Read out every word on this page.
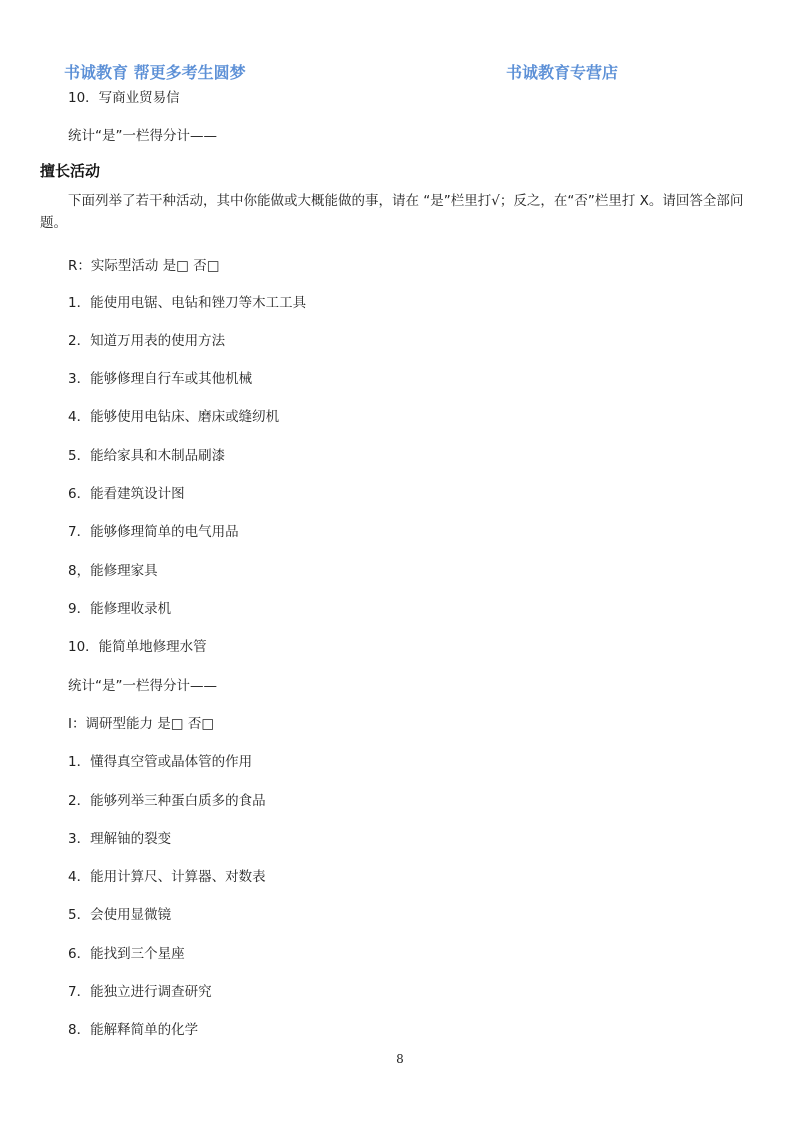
书诚教育 帮更多考生圆梦	书诚教育专营店
10．写商业贸易信
统计“是”一栏得分计——
擅长活动

下面列举了若干种活动，其中你能做或大概能做的事，请在 “是”栏里打√；反之，在“否”栏里打 X。请回答全部问题。

R：实际型活动 是□ 否□
1．能使用电锯、电钻和锉刀等木工工具
2．知道万用表的使用方法
3．能够修理自行车或其他机械
4．能够使用电钻床、磨床或缝纫机
5．能给家具和木制品刷漆
6．能看建筑设计图
7．能够修理简单的电气用品
8，能修理家具
9．能修理收录机
10．能简单地修理水管
统计“是”一栏得分计——
I：调研型能力 是□ 否□
1．懂得真空管或晶体管的作用
2．能够列举三种蛋白质多的食品
3．理解铀的裂变
4．能用计算尺、计算器、对数表
5．会使用显微镜
6．能找到三个星座
7．能独立进行调查研究
8．能解释简单的化学
8
